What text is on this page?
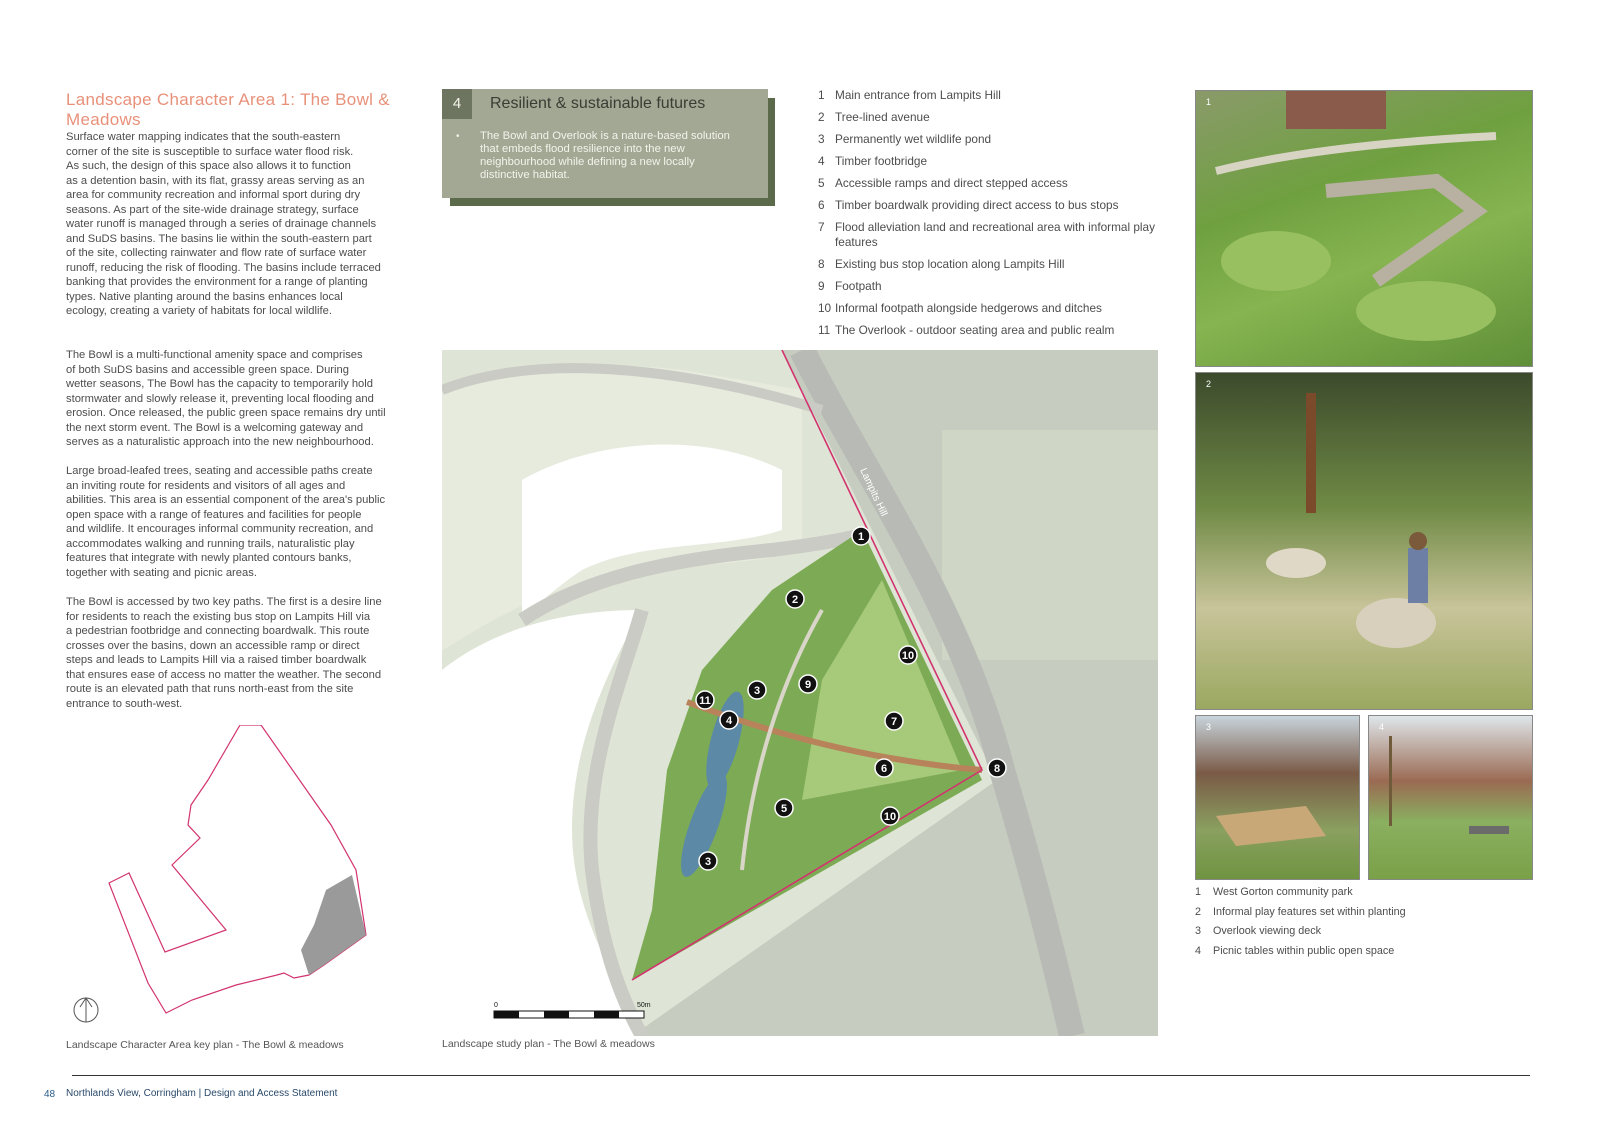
Landscape Character Area 1: The Bowl & Meadows

Surface water mapping indicates that the south-eastern
corner of the site is susceptible to surface water flood risk.
As such, the design of this space also allows it to function
as a detention basin, with its flat, grassy areas serving as an
area for community recreation and informal sport during dry
seasons. As part of the site-wide drainage strategy, surface
water runoff is managed through a series of drainage channels
and SuDS basins. The basins lie within the south-eastern part
of the site, collecting rainwater and flow rate of surface water
runoff, reducing the risk of flooding. The basins include terraced
banking that provides the environment for a range of planting
types. Native planting around the basins enhances local
ecology, creating a variety of habitats for local wildlife.

The Bowl is a multi-functional amenity space and comprises
of both SuDS basins and accessible green space. During
wetter seasons, The Bowl has the capacity to temporarily hold
stormwater and slowly release it, preventing local flooding and
erosion. Once released, the public green space remains dry until
the next storm event. The Bowl is a welcoming gateway and
serves as a naturalistic approach into the new neighbourhood.

Large broad-leafed trees, seating and accessible paths create
an inviting route for residents and visitors of all ages and
abilities. This area is an essential component of the area's public
open space with a range of features and facilities for people
and wildlife. It encourages informal community recreation, and
accommodates walking and running trails, naturalistic play
features that integrate with newly planted contours banks,
together with seating and picnic areas.

The Bowl is accessed by two key paths. The first is a desire line
for residents to reach the existing bus stop on Lampits Hill via
a pedestrian footbridge and connecting boardwalk. This route
crosses over the basins, down an accessible ramp or direct
steps and leads to Lampits Hill via a raised timber boardwalk
that ensures ease of access no matter the weather. The second
route is an elevated path that runs north-east from the site
entrance to south-west.

Landscape Character Area key plan - The Bowl & meadows
4	Resilient & sustainable futures
•	The Bowl and Overlook is a nature-based solution that embeds flood resilience into the new neighbourhood while defining a new locally distinctive habitat.
1 Main entrance from Lampits Hill
2 Tree-lined avenue
3 Permanently wet wildlife pond
4 Timber footbridge
5 Accessible ramps and direct stepped access
6 Timber boardwalk providing direct access to bus stops
7 Flood alleviation land and recreational area with informal play features
8 Existing bus stop location along Lampits Hill
9 Footpath
10 Informal footpath alongside hedgerows and ditches
11 The Overlook - outdoor seating area and public realm
Lampits Hill
1
2
3	9
10
11
4	7
6	8
5
10
3
0	50m
Landscape study plan - The Bowl & meadows
1
2
3	4
1 West Gorton community park
2 Informal play features set within planting
3 Overlook viewing deck
4 Picnic tables within public open space
48 Northlands View, Corringham | Design and Access Statement
